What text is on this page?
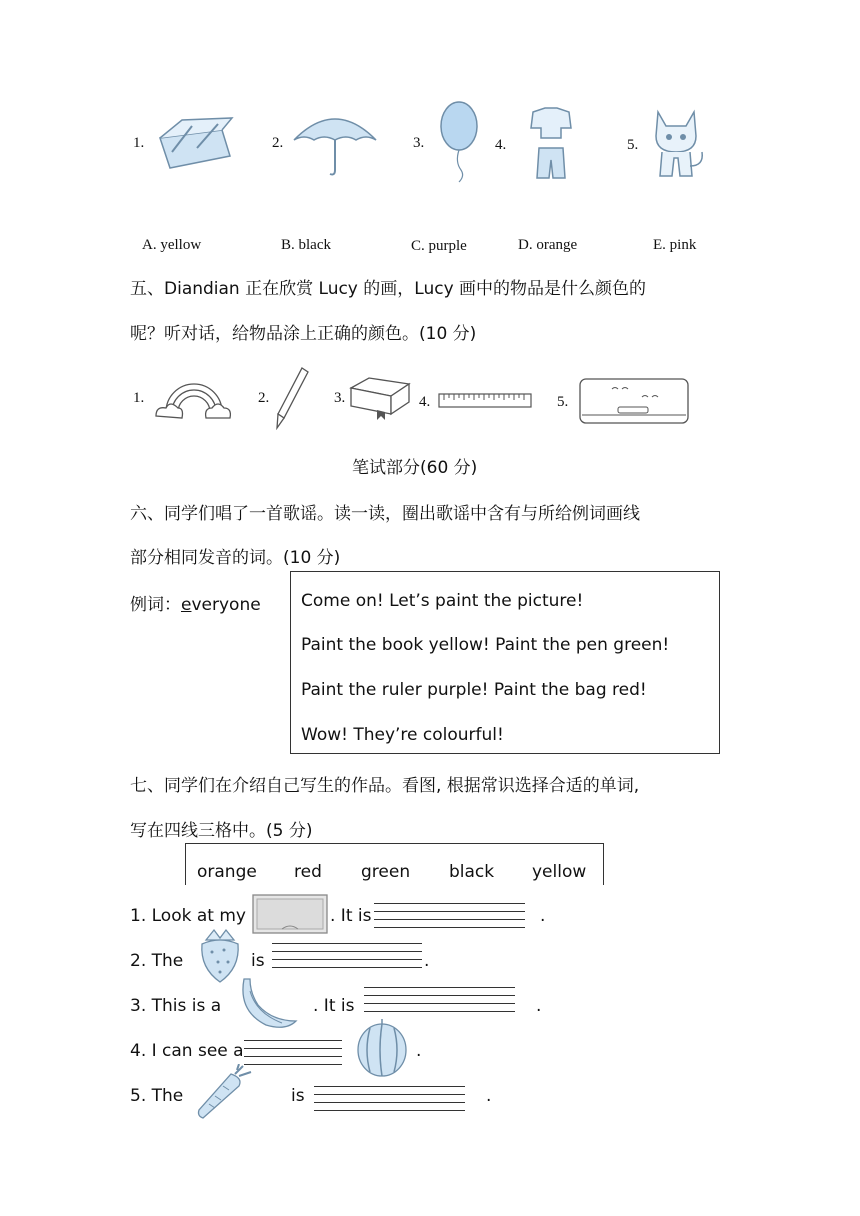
1.	2.	3.	4.	5.
A. yellow	B. black	C. purple	D. orange	E. pink
五、Diandian 正在欣赏 Lucy 的画，Lucy 画中的物品是什么颜色的
呢？听对话，给物品涂上正确的颜色。(10 分)
1.	2.	3.	4.	5.
笔试部分(60 分)
六、同学们唱了一首歌谣。读一读，圈出歌谣中含有与所给例词画线
部分相同发音的词。(10 分)
例词：everyone Come on! Let’s paint the picture!
Paint the book yellow! Paint the pen green!
Paint the ruler purple! Paint the bag red!
Wow! They’re colourful!
七、同学们在介绍自己写生的作品。看图, 根据常识选择合适的单词,
写在四线三格中。(5 分)
orange red green black yellow
1. Look at my	. It is	.
2. The	is	.
3. This is a	. It is	.
4. I can see a	.
5. The	is	.
